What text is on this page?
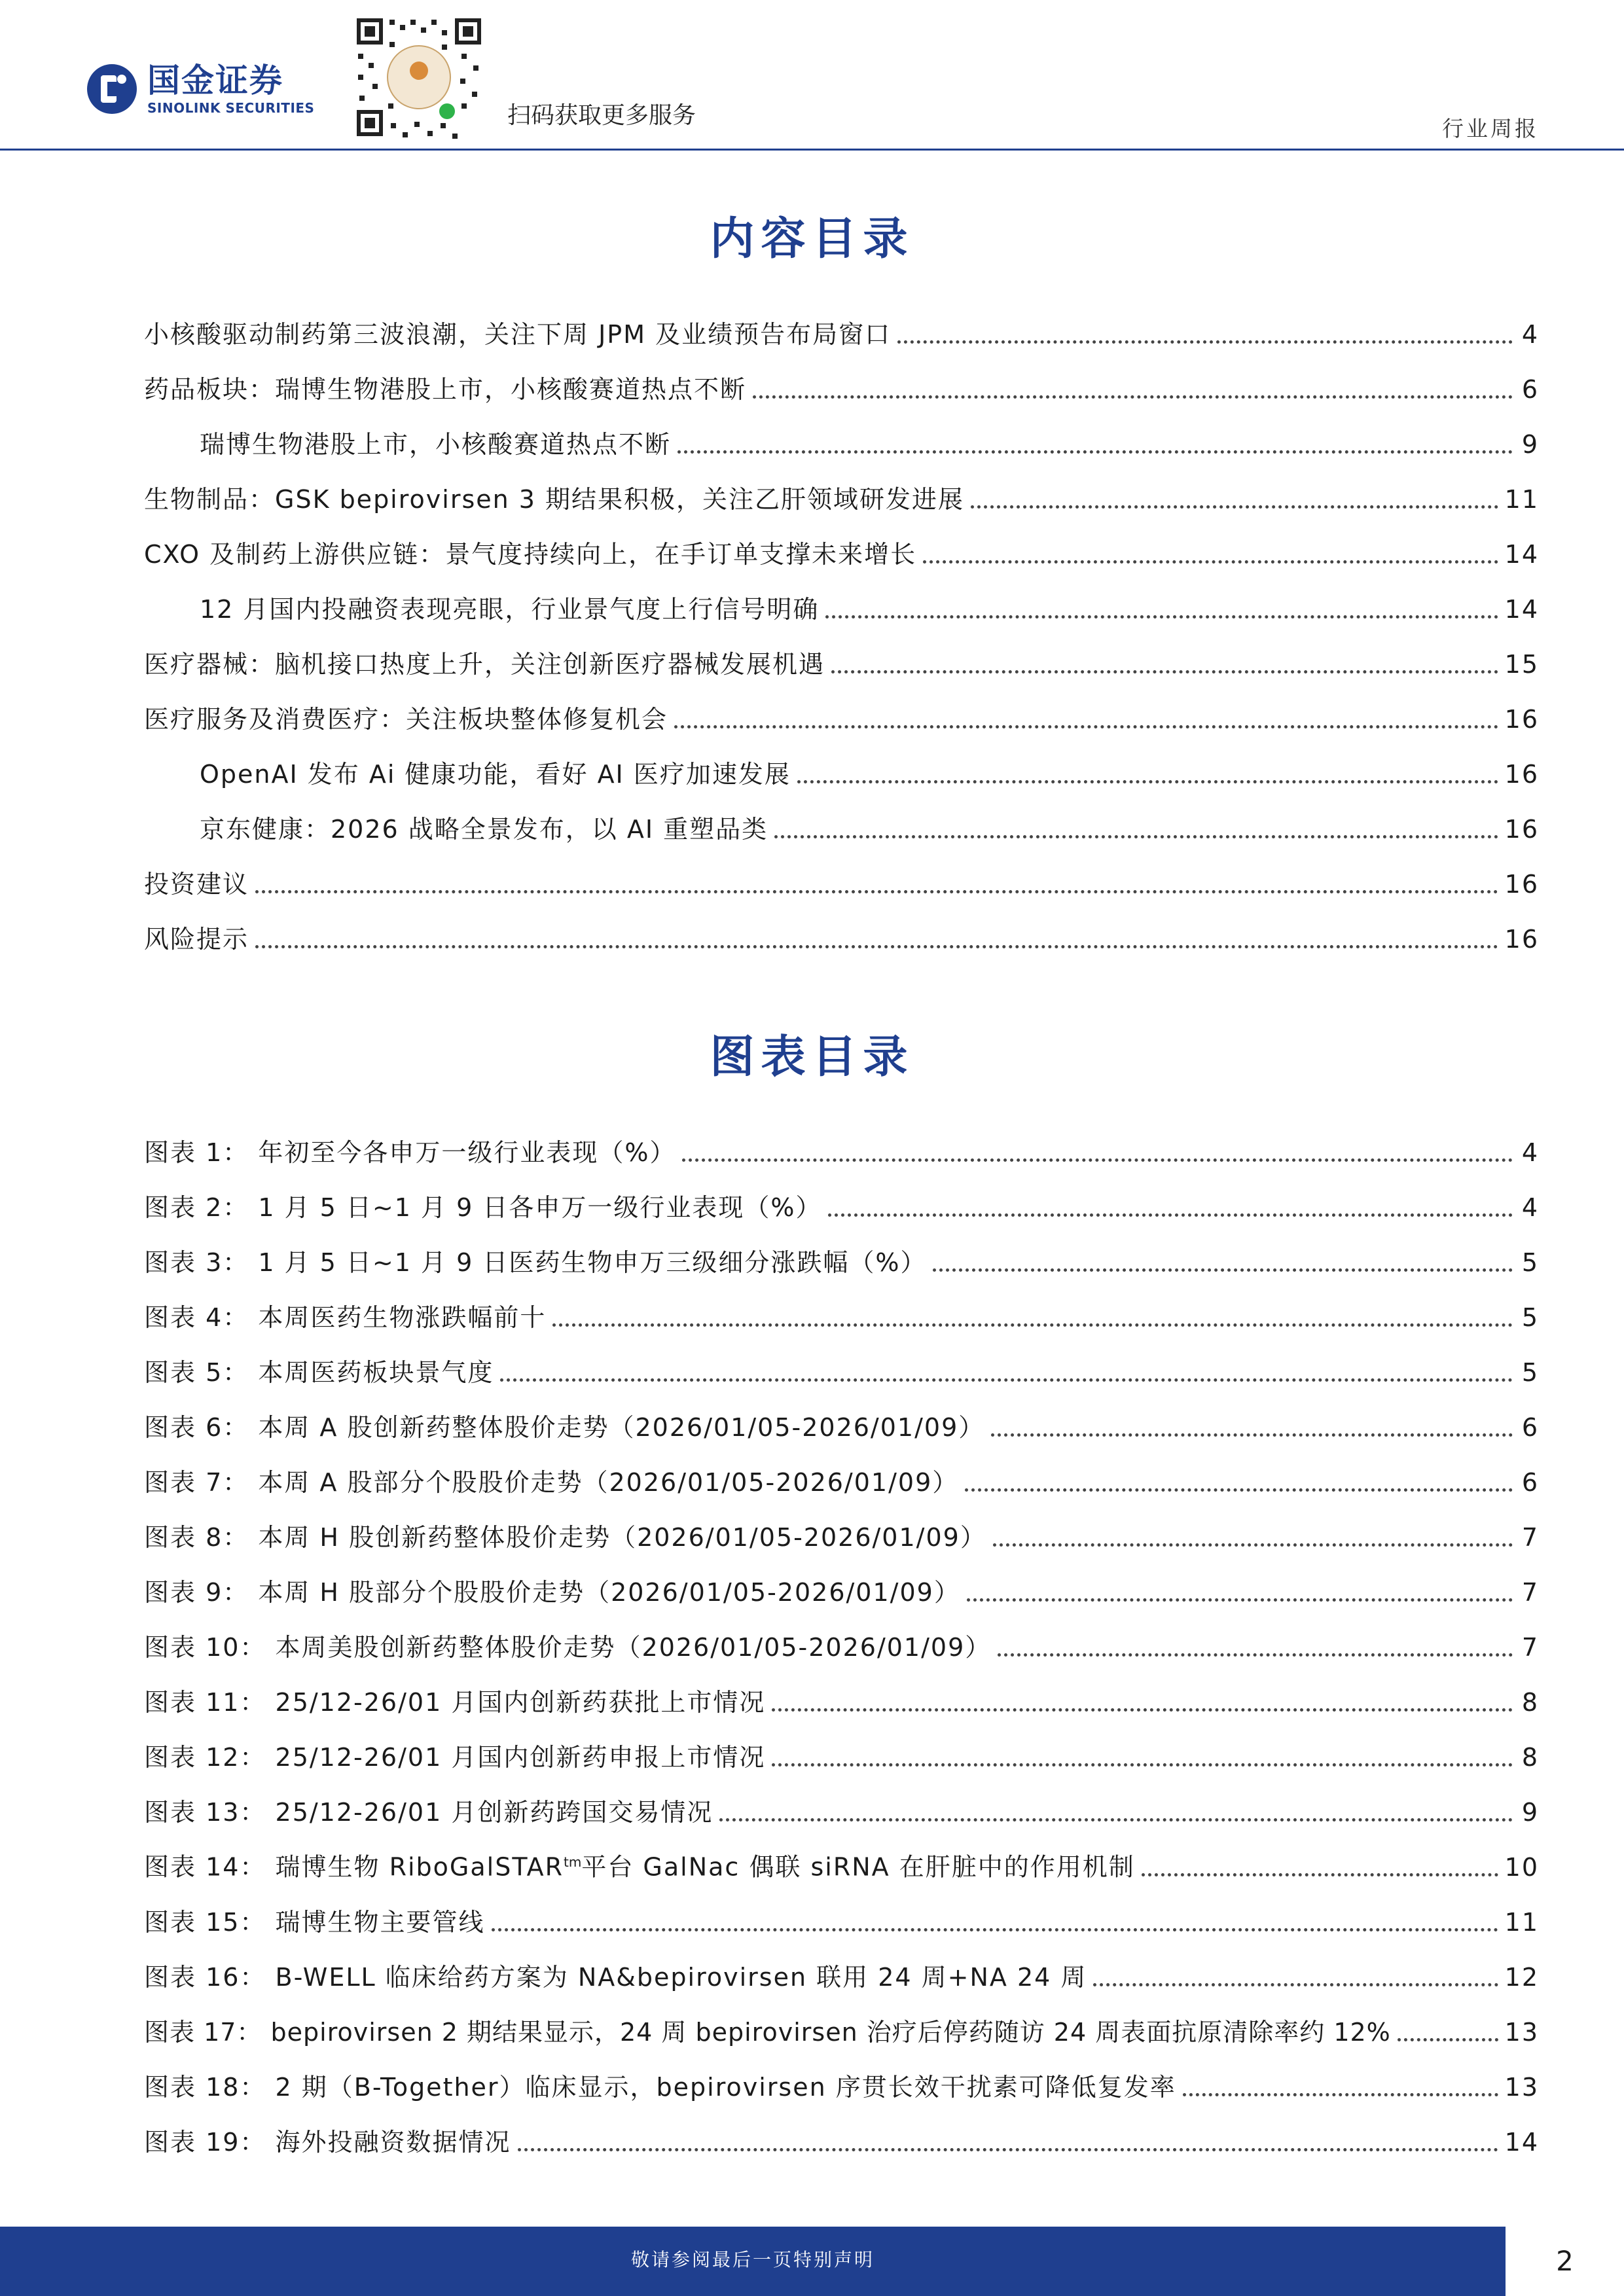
国金证券
SINOLINK SECURITIES	扫码获取更多服务	行业周报
内容目录
小核酸驱动制药第三波浪潮，关注下周 JPM 及业绩预告布局窗口	4
药品板块：瑞博生物港股上市，小核酸赛道热点不断	6
瑞博生物港股上市，小核酸赛道热点不断	9
生物制品：GSK bepirovirsen 3 期结果积极，关注乙肝领域研发进展	11
CXO 及制药上游供应链：景气度持续向上，在手订单支撑未来增长	14
12 月国内投融资表现亮眼，行业景气度上行信号明确	14
医疗器械：脑机接口热度上升，关注创新医疗器械发展机遇	15
医疗服务及消费医疗：关注板块整体修复机会	16
OpenAI 发布 Ai 健康功能，看好 AI 医疗加速发展	16
京东健康：2026 战略全景发布，以 AI 重塑品类	16
投资建议	16
风险提示	16
图表目录
图表 1： 年初至今各申万一级行业表现（%）	4
图表 2： 1 月 5 日~1 月 9 日各申万一级行业表现（%）	4
图表 3： 1 月 5 日~1 月 9 日医药生物申万三级细分涨跌幅（%）	5
图表 4： 本周医药生物涨跌幅前十	5
图表 5： 本周医药板块景气度	5
图表 6： 本周 A 股创新药整体股价走势（2026/01/05-2026/01/09）	6
图表 7： 本周 A 股部分个股股价走势（2026/01/05-2026/01/09）	6
图表 8： 本周 H 股创新药整体股价走势（2026/01/05-2026/01/09）	7
图表 9： 本周 H 股部分个股股价走势（2026/01/05-2026/01/09）	7
图表 10： 本周美股创新药整体股价走势（2026/01/05-2026/01/09）	7
图表 11： 25/12-26/01 月国内创新药获批上市情况	8
图表 12： 25/12-26/01 月国内创新药申报上市情况	8
图表 13： 25/12-26/01 月创新药跨国交易情况	9
图表 14： 瑞博生物 RiboGalSTAR$^{tm}$平台 GalNac 偶联 siRNA 在肝脏中的作用机制	10
图表 15： 瑞博生物主要管线	11
图表 16： B-WELL 临床给药方案为 NA&bepirovirsen 联用 24 周+NA 24 周	12
图表 17： bepirovirsen 2 期结果显示，24 周 bepirovirsen 治疗后停药随访 24 周表面抗原清除率约 12%	13
图表 18： 2 期（B-Together）临床显示，bepirovirsen 序贯长效干扰素可降低复发率	13
图表 19： 海外投融资数据情况	14
敬请参阅最后一页特别声明	2
